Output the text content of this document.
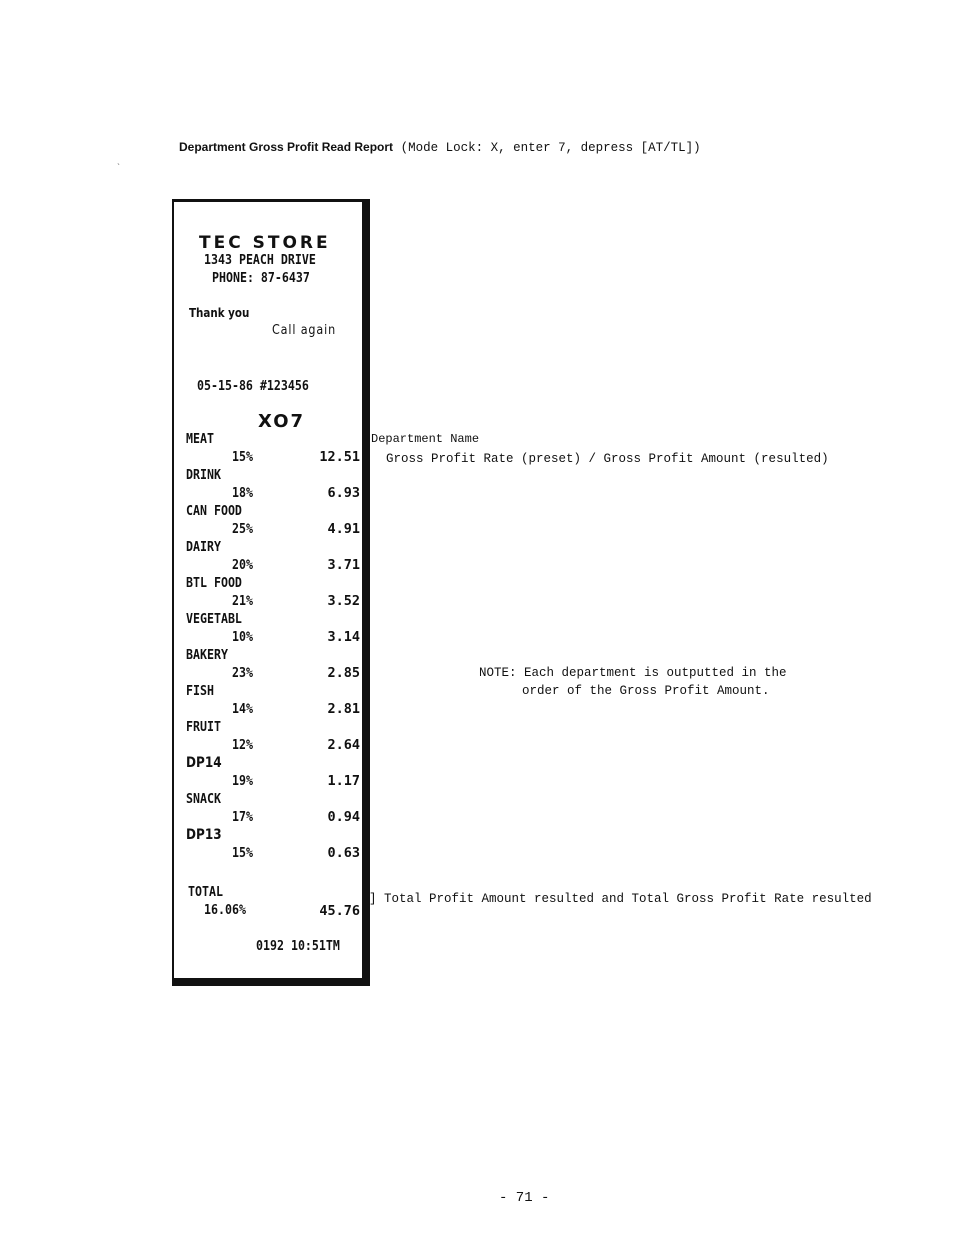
Department Gross Profit Read Report (Mode Lock: X, enter 7, depress [AT/TL])
ˋ
TEC STORE
1343 PEACH DRIVE
PHONE: 87-6437
Thank you
Call again
05-15-86 #123456
XO7
MEAT
15%	12.51
DRINK
18%	6.93
CAN FOOD
25%	4.91
DAIRY
20%	3.71
BTL FOOD
21%	3.52
VEGETABL
10%	3.14
BAKERY
23%	2.85
FISH
14%	2.81
FRUIT
12%	2.64
DP14
19%	1.17
SNACK
17%	0.94
DP13
15%	0.63
TOTAL
16.06%	45.76
0192 10:51TM
Department Name
Gross Profit Rate (preset) / Gross Profit Amount (resulted)
NOTE: Each department is outputted in the
order of the Gross Profit Amount.
] Total Profit Amount resulted and Total Gross Profit Rate resulted
- 71 -
